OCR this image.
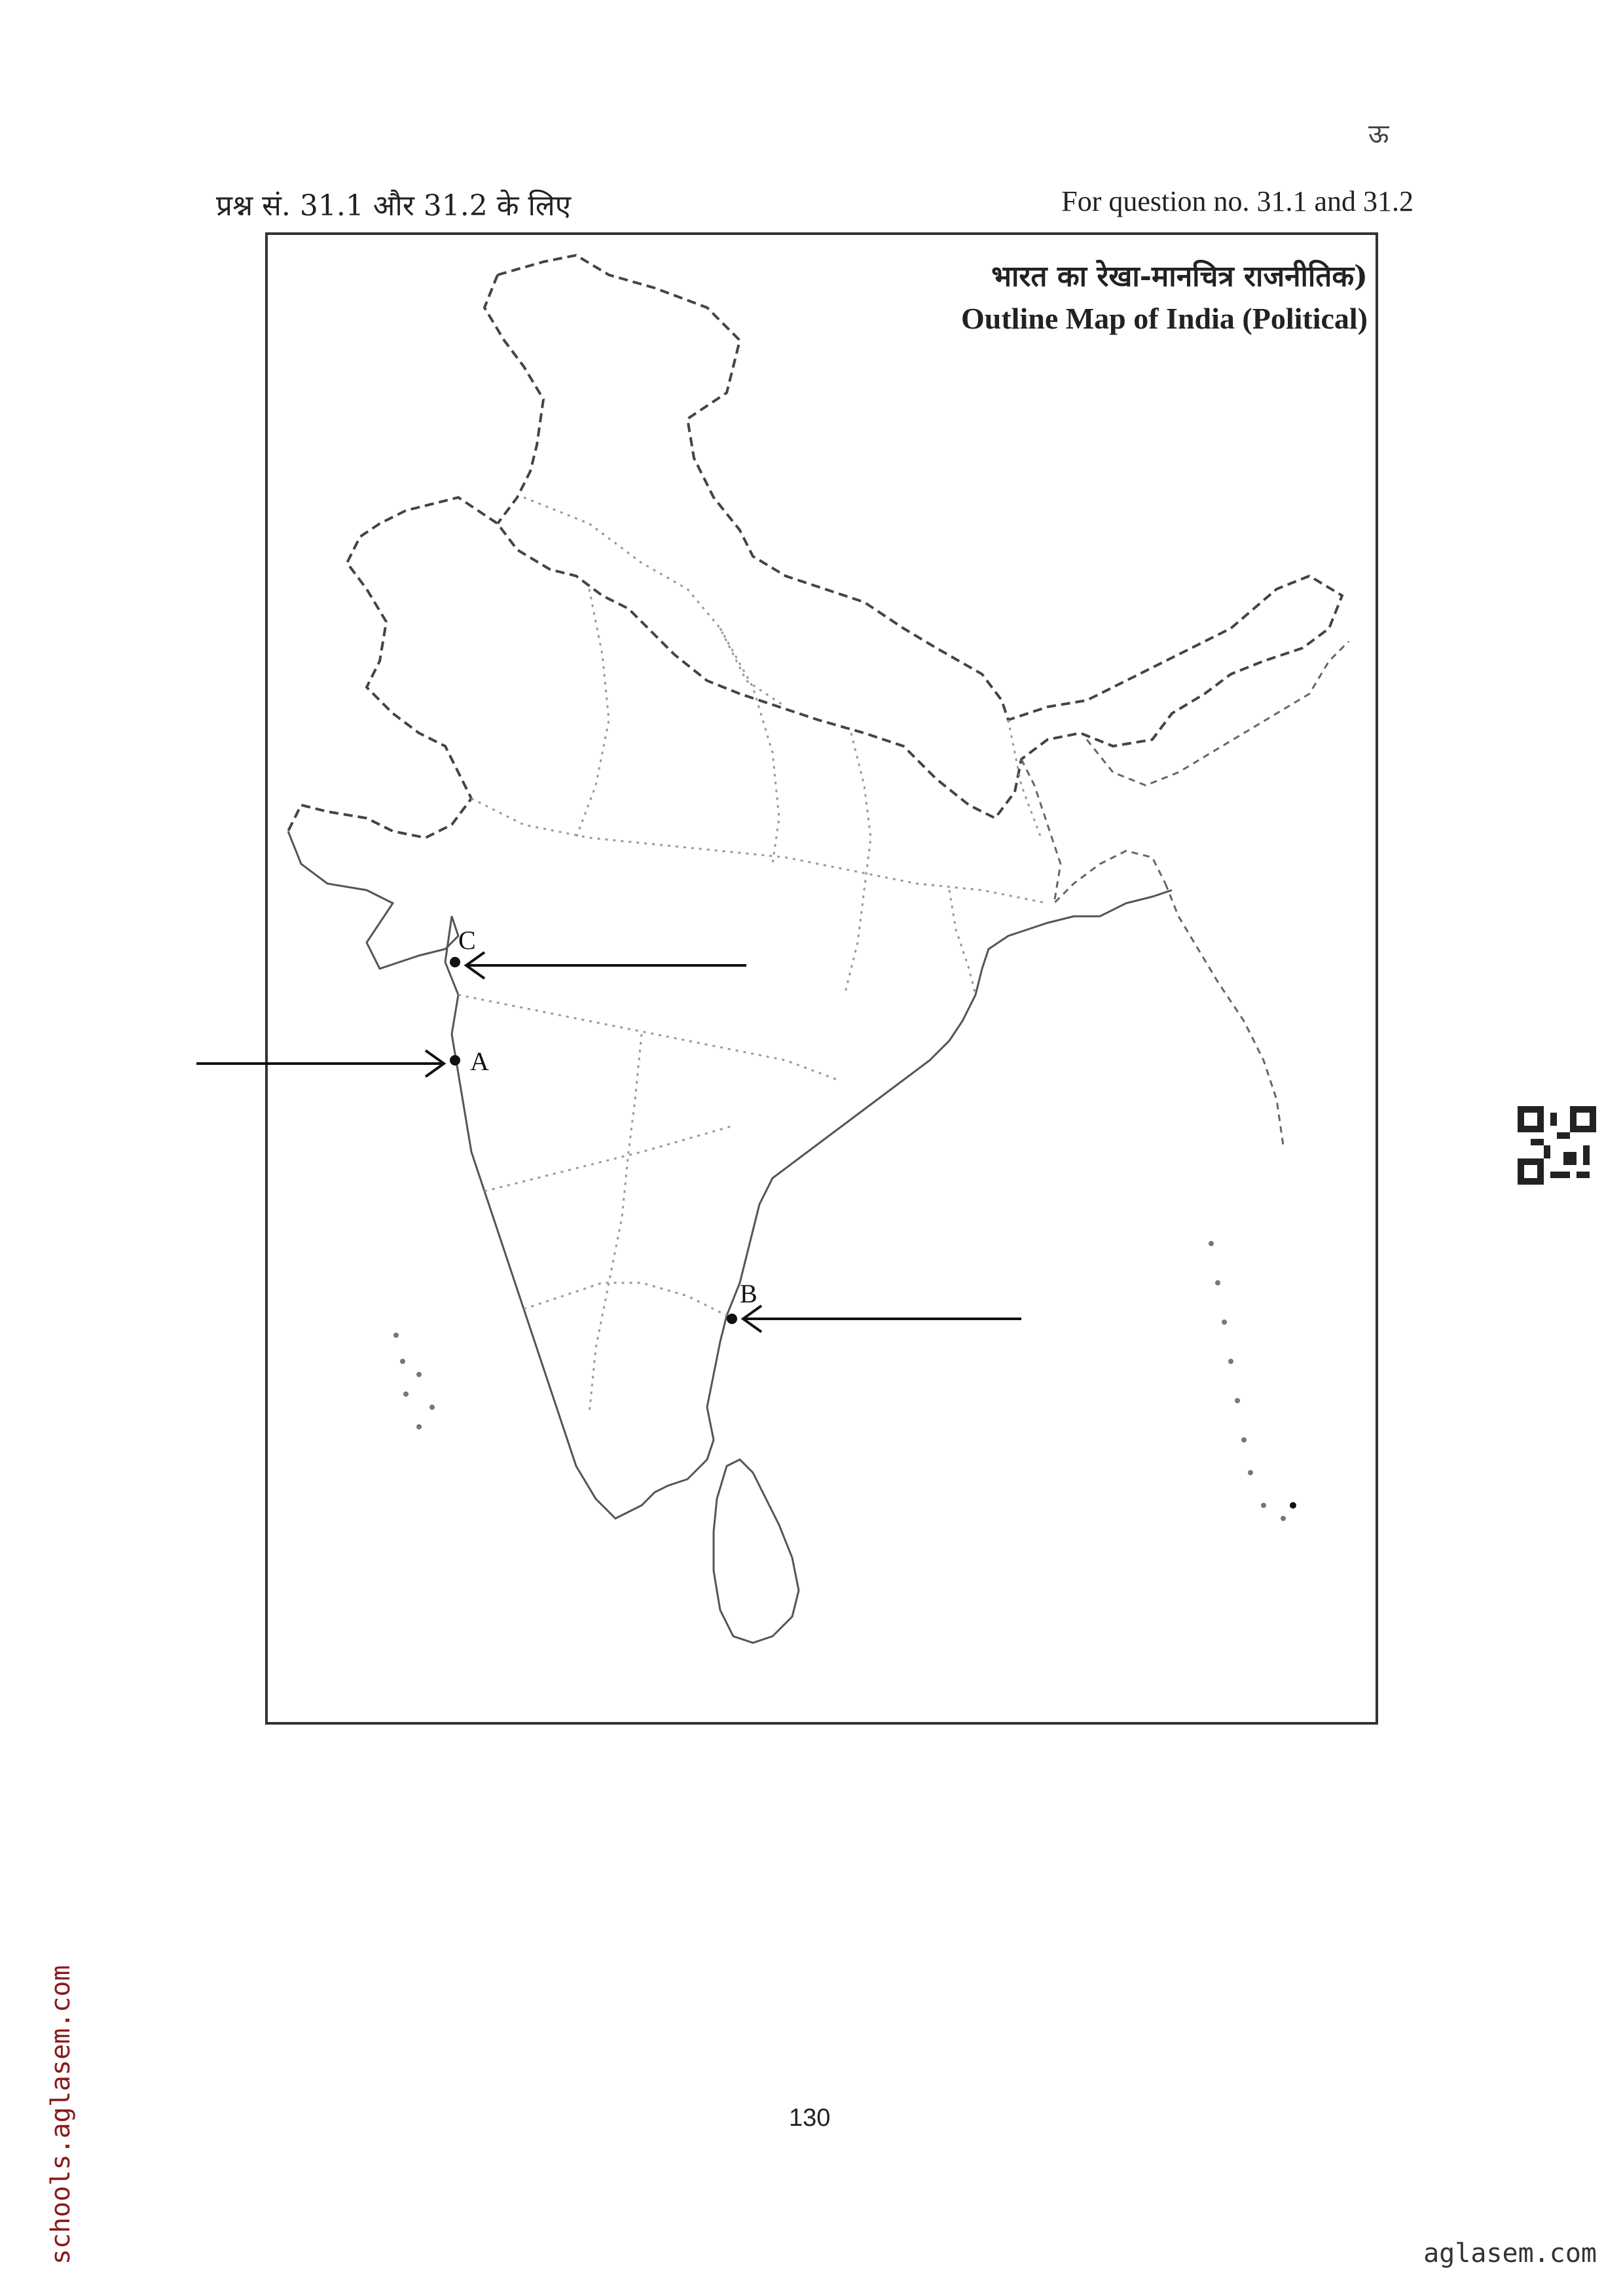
ऊ
प्रश्न सं. 31.1 और 31.2 के लिए	For question no. 31.1 and 31.2
C
A
B
भारत का रेखा-मानचित्र राजनीतिक)
Outline Map of India (Political)
130
aglasem.com
schools.aglasem.com
